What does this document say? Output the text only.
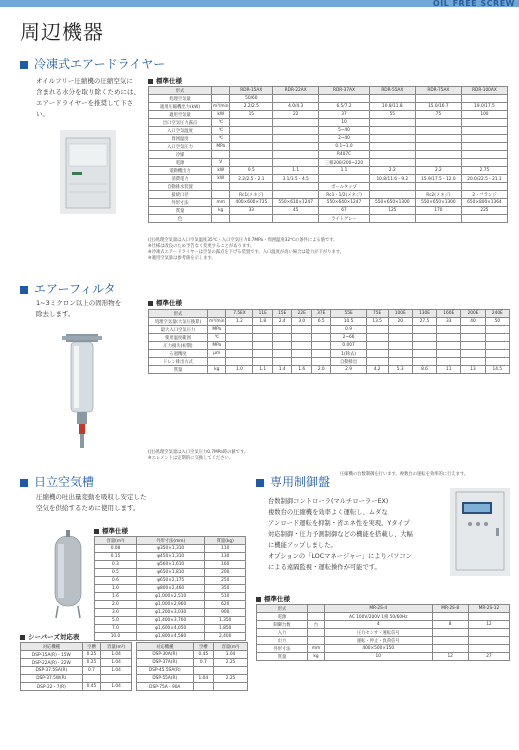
OIL FREE SCREW
周辺機器
冷凍式エアードライヤー
オイルフリー圧縮機の圧縮空気に
含まれる水分を取り除くためには、
エアードライヤーを推奨して下さい。
標準仕様
形式		RDR-15AX	RDR-22AX	RDR-37AX	RDR-55AX	RDR-75AX	RDR-100AX
処理空気量		50/60					
適用圧縮機出力(kW)	m³/min	2.2/2.5	4.0/4.3	6.5/7.2	10.8/11.8	15.0/16.7	19.0/17.5
適用空気量	kW	15	22	37	55	75	100
出口空気圧力露点	℃			10			
入口空気温度	℃			5~40			
周囲温度	℃			2~40			
入口空気圧力	MPa			0.1~1.0			
冷媒				R407C			
電源	V			三相200/200~220			
電動機出力	kW	0.5	1.1	1.1	2.2	2.2	2.75
消費電力	kW	2.2/2.5・2.1	3.1/3.5・4.5		10.8/11.6・9.2	15.9/17.5・12.0	20.0/22.5・21.1
自動排水装置				ボールタップ			
接続口径		Rc1(メネジ)		Rc1・1/2(メネジ)		Rc2(メネジ)	2・フランジ
外形寸法	mm	400×600×735	550×610×1247	550×640×1247	550×650×1300	550×650×1300	650×800×1364
質量	kg	33	45	67	125	170	225
色				ライトグレー			
(注)処理空気量は入口空気温度35℃・入口空気圧力0.7MPa・周囲温度32℃の条件による値です。
※仕様は改良のため予告なく変更することがあります。
※冷凍式エアードライヤーは空気の露点を下げる装置です。入口温度が高い場合は能力が下がります。
※適用空気量は参考値を示します。
エアーフィルタ
1~3ミクロン以上の固形物を
除去します。
標準仕様
形式		7.5EX	11E	15E	22E	37E	55E	75E	100E	130E	160E	200E	240E
処理空気量(大気圧換算)	m³/min	1.2	1.8	2.4	3.0	6.5	10.5	13.5	20	27.5	33	40	50
最大入口空気圧力	MPa						0.9						
使用温度範囲	℃						2~66						
圧力損失(初期)	MPa						0.007						
ろ過精度	μm						1(除去)						
ドレン排出方式							自動排出						
質量	kg	1.0	1.1	1.4	1.6	2.0	2.9	4.2	5.3	8.6	11	13	14.5
(注)処理空気量は入口空気圧力0.7MPa時の値です。
※エレメントは定期的に交換してください。
日立空気槽
圧縮機の吐出量変動を吸収し安定した
空気を供給するために使用します。
標準仕様
容量(m³)	外形寸法(mm)	質量(kg)
0.08	φ350×1,310	110
0.15	φ450×1,310	130
0.3	φ560×1,610	160
0.5	φ650×1,810	200
0.6	φ650×2,175	250
1.0	φ800×2,460	350
1.6	φ1,000×2,510	510
2.0	φ1,000×2,960	620
3.0	φ1,200×3,030	900
5.0	φ1,400×3,760	1,350
7.0	φ1,600×4,050	1,850
10.0	φ1,800×4,580	2,400
シーバーズ対応表
対応機種	空槽	容量(m³)
DSP-15A(R)・15W	0.25	1.04
DSP-22A(R)・22W	0.25	1.04
DSP-37.5SA(R)	0.7	1.04
DSP-37.5W(R)		
DSP-22・7(R)	0.45	1.04
対応機種	空槽	容量(m³)
DSP-30A(R)	0.45	1.04
DSP-37A(R)	0.7	2.25
DSP-45.5SA(R)		
DSP-55A(R)	1.04	2.25
DSP-75A・90A		
専用制御盤
圧縮機の台数制御を行います。複数台の運転を効率的に行えます。
台数制御コントローラ(マルチローラーEX)
複数台の圧縮機を効率よく運転し、ムダな
アンロード運転を抑制・省エネ性を実現。Yタイプ
対応制御・圧力予測制御などの機能を搭載し、大幅
に機能アップしました。
オプションの「LOCマネージャー」によりパソコン
による遠隔監視・運転操作が可能です。
標準仕様
形式		MR-2S-4	MR-2S-8	MR-2S-12
電源		AC 100V/200V 1相 50/60Hz		
制御台数	台	4	8	12
入力		圧力センサ・運転信号		
出力		運転・停止・負荷信号		
外形寸法	mm	400×500×150		
質量	kg	10	12	27
